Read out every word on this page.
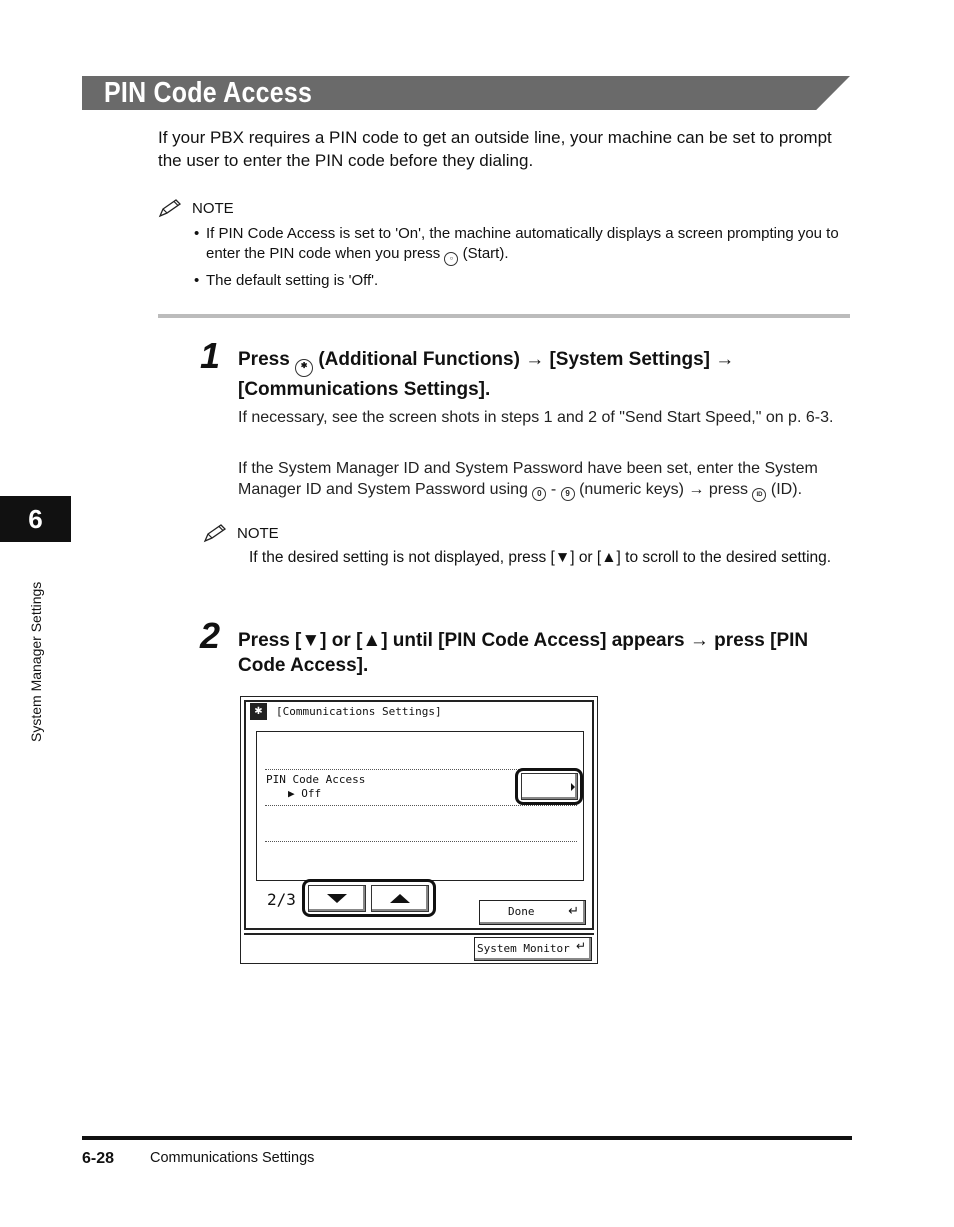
PIN Code Access
If your PBX requires a PIN code to get an outside line, your machine can be set to prompt the user to enter the PIN code before they dialing.
NOTE
• If PIN Code Access is set to 'On', the machine automatically displays a screen prompting you to enter the PIN code when you press ○ (Start).
• The default setting is 'Off'.
1 Press ✱ (Additional Functions) → [System Settings] → [Communications Settings].
If necessary, see the screen shots in steps 1 and 2 of "Send Start Speed," on p. 6-3.
If the System Manager ID and System Password have been set, enter the System Manager ID and System Password using 0 - 9 (numeric keys) → press ID (ID).
NOTE
If the desired setting is not displayed, press [▼] or [▲] to scroll to the desired setting.
2 Press [▼] or [▲] until [PIN Code Access] appears → press [PIN Code Access].
✱	[Communications Settings]
PIN Code Access
▶ Off
2/3
↵
Done
↵
System Monitor
6
System Manager Settings
6-28 Communications Settings
